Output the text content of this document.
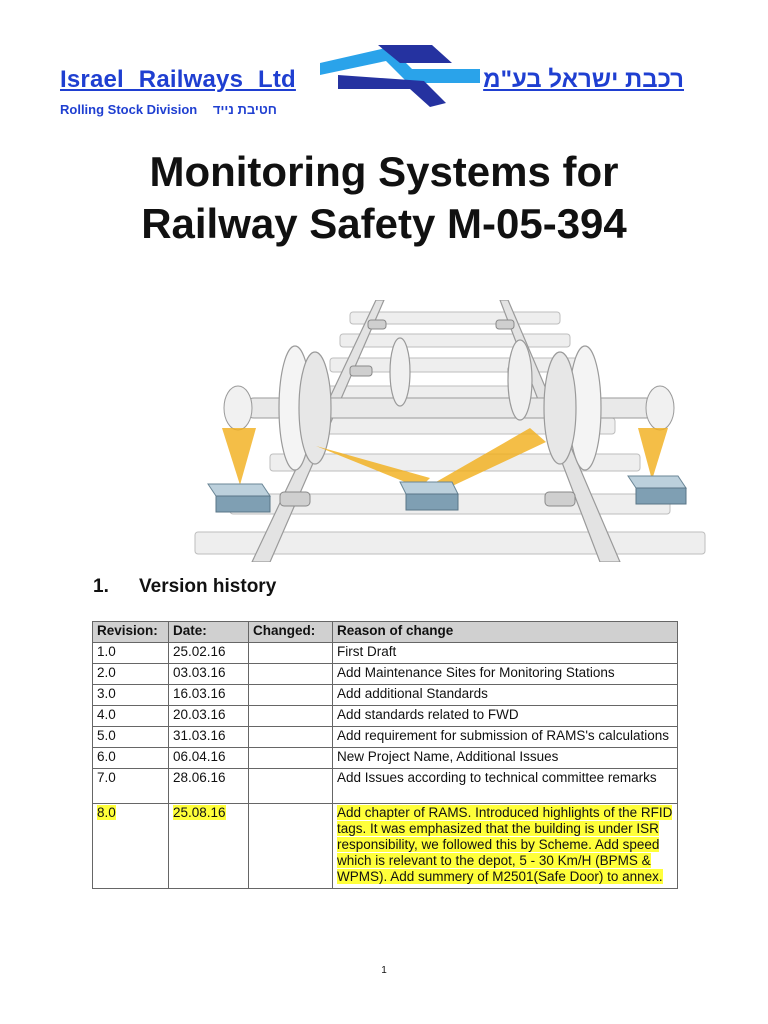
Israel Railways Ltd
Rolling Stock Division חטיבת נייד
רכבת ישראל בע"מ
Monitoring Systems for
Railway Safety M-05-394
1. Version history
Revision:	Date:	Changed:	Reason of change
1.0	25.02.16		First Draft
2.0	03.03.16		Add Maintenance Sites for Monitoring Stations
3.0	16.03.16		Add additional Standards
4.0	20.03.16		Add standards related to FWD
5.0	31.03.16		Add requirement for submission of RAMS's calculations
6.0	06.04.16		New Project Name, Additional Issues
7.0	28.06.16		Add Issues according to technical committee remarks
8.0	25.08.16		Add chapter of RAMS. Introduced highlights of the RFID tags. It was emphasized that the building is under ISR responsibility, we followed this by Scheme. Add speed which is relevant to the depot, 5 - 30 Km/H (BPMS & WPMS). Add summery of M2501(Safe Door) to annex.
1
